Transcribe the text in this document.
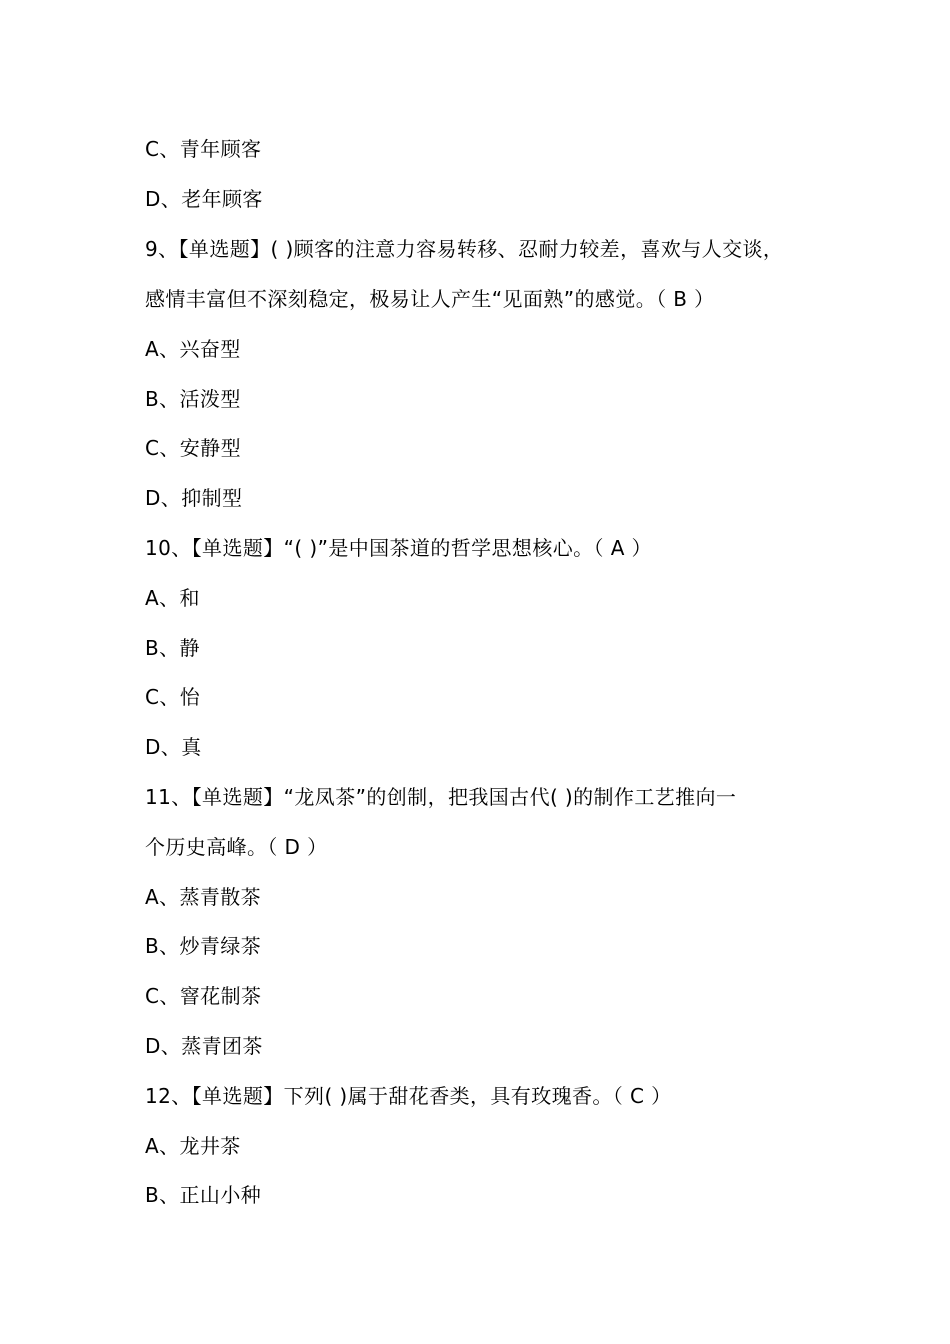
C、青年顾客
D、老年顾客
9、【单选题】( )顾客的注意力容易转移、忍耐力较差，喜欢与人交谈，
感情丰富但不深刻稳定，极易让人产生“见面熟”的感觉。（ B ）
A、兴奋型
B、活泼型
C、安静型
D、抑制型
10、【单选题】“( )”是中国茶道的哲学思想核心。（ A ）
A、和
B、静
C、怡
D、真
11、【单选题】“龙凤茶”的创制，把我国古代( )的制作工艺推向一
个历史高峰。（ D ）
A、蒸青散茶
B、炒青绿茶
C、窨花制茶
D、蒸青团茶
12、【单选题】下列( )属于甜花香类，具有玫瑰香。（ C ）
A、龙井茶
B、正山小种
